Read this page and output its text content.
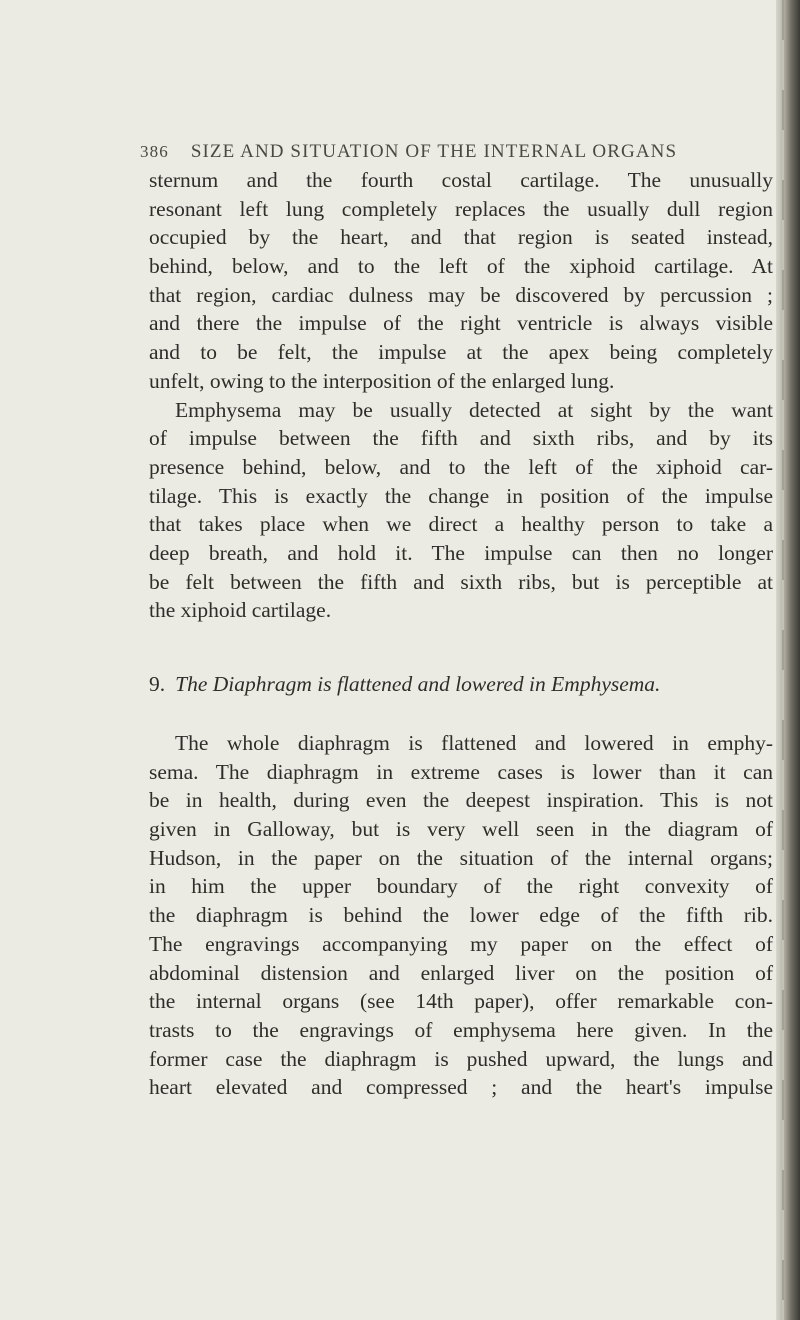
386 SIZE AND SITUATION OF THE INTERNAL ORGANS
sternum and the fourth costal cartilage. The unusually
resonant left lung completely replaces the usually dull region
occupied by the heart, and that region is seated instead,
behind, below, and to the left of the xiphoid cartilage. At
that region, cardiac dulness may be discovered by percussion ;
and there the impulse of the right ventricle is always visible
and to be felt, the impulse at the apex being completely
unfelt, owing to the interposition of the enlarged lung.
Emphysema may be usually detected at sight by the want
of impulse between the fifth and sixth ribs, and by its
presence behind, below, and to the left of the xiphoid car-
tilage. This is exactly the change in position of the impulse
that takes place when we direct a healthy person to take a
deep breath, and hold it. The impulse can then no longer
be felt between the fifth and sixth ribs, but is perceptible at
the xiphoid cartilage.
9. The Diaphragm is flattened and lowered in Emphysema.
The whole diaphragm is flattened and lowered in emphy-
sema. The diaphragm in extreme cases is lower than it can
be in health, during even the deepest inspiration. This is not
given in Galloway, but is very well seen in the diagram of
Hudson, in the paper on the situation of the internal organs;
in him the upper boundary of the right convexity of
the diaphragm is behind the lower edge of the fifth rib.
The engravings accompanying my paper on the effect of
abdominal distension and enlarged liver on the position of
the internal organs (see 14th paper), offer remarkable con-
trasts to the engravings of emphysema here given. In the
former case the diaphragm is pushed upward, the lungs and
heart elevated and compressed ; and the heart's impulse
